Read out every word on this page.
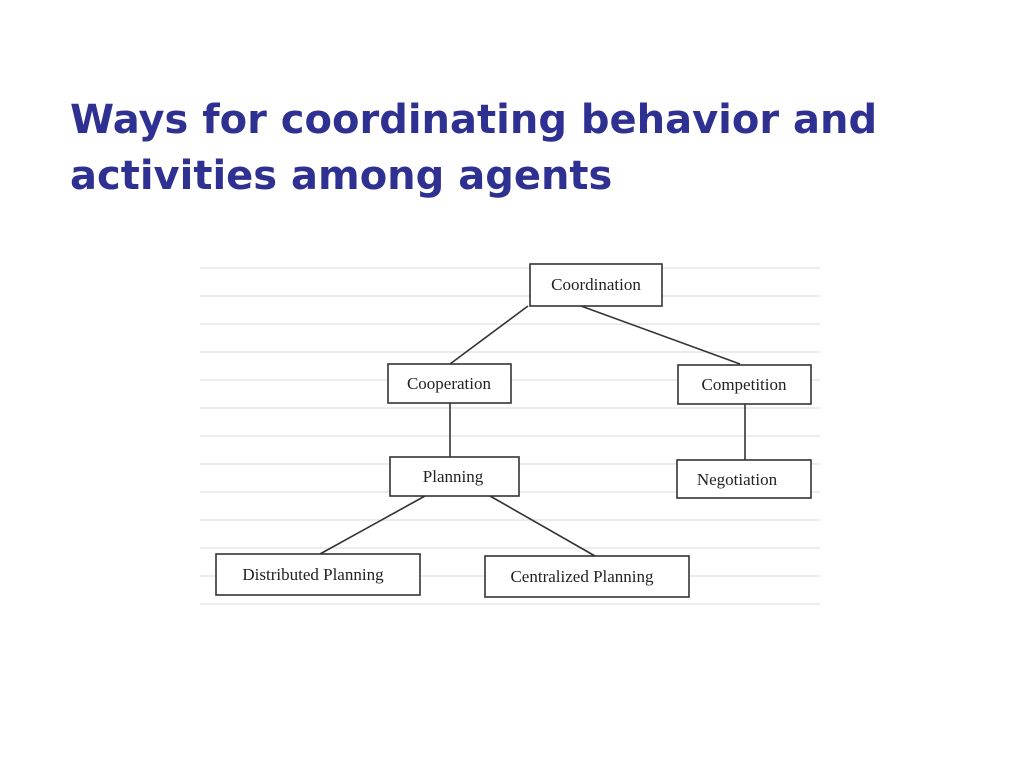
Ways for coordinating behavior and
activities among agents
Coordination
Cooperation	Competition
Planning	Negotiation
Distributed Planning	Centralized Planning
